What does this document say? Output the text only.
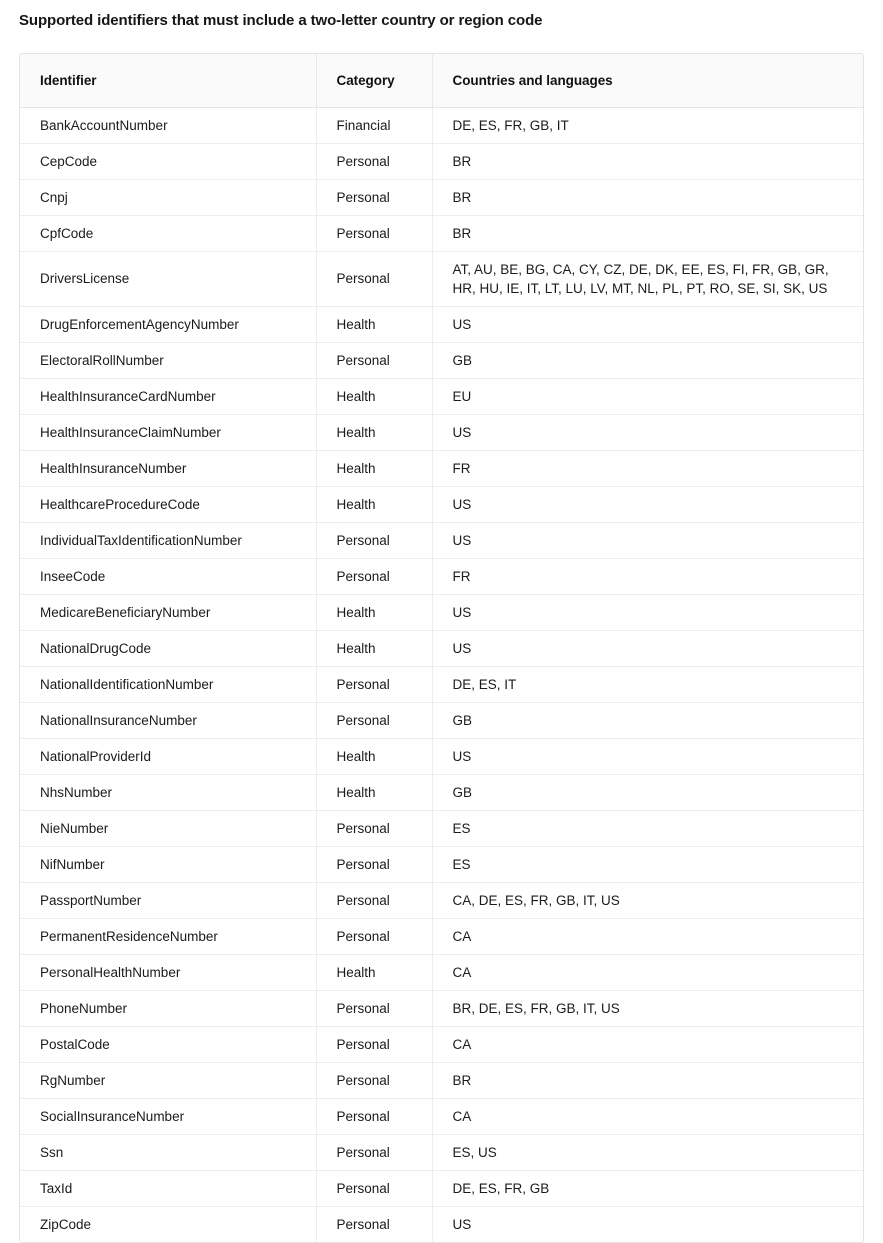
Supported identifiers that must include a two-letter country or region code
Identifier	Category	Countries and languages
BankAccountNumber	Financial	DE, ES, FR, GB, IT
CepCode	Personal	BR
Cnpj	Personal	BR
CpfCode	Personal	BR
DriversLicense	Personal	AT, AU, BE, BG, CA, CY, CZ, DE, DK, EE, ES, FI, FR, GB, GR, HR, HU, IE, IT, LT, LU, LV, MT, NL, PL, PT, RO, SE, SI, SK, US
DrugEnforcementAgencyNumber	Health	US
ElectoralRollNumber	Personal	GB
HealthInsuranceCardNumber	Health	EU
HealthInsuranceClaimNumber	Health	US
HealthInsuranceNumber	Health	FR
HealthcareProcedureCode	Health	US
IndividualTaxIdentificationNumber	Personal	US
InseeCode	Personal	FR
MedicareBeneficiaryNumber	Health	US
NationalDrugCode	Health	US
NationalIdentificationNumber	Personal	DE, ES, IT
NationalInsuranceNumber	Personal	GB
NationalProviderId	Health	US
NhsNumber	Health	GB
NieNumber	Personal	ES
NifNumber	Personal	ES
PassportNumber	Personal	CA, DE, ES, FR, GB, IT, US
PermanentResidenceNumber	Personal	CA
PersonalHealthNumber	Health	CA
PhoneNumber	Personal	BR, DE, ES, FR, GB, IT, US
PostalCode	Personal	CA
RgNumber	Personal	BR
SocialInsuranceNumber	Personal	CA
Ssn	Personal	ES, US
TaxId	Personal	DE, ES, FR, GB
ZipCode	Personal	US
